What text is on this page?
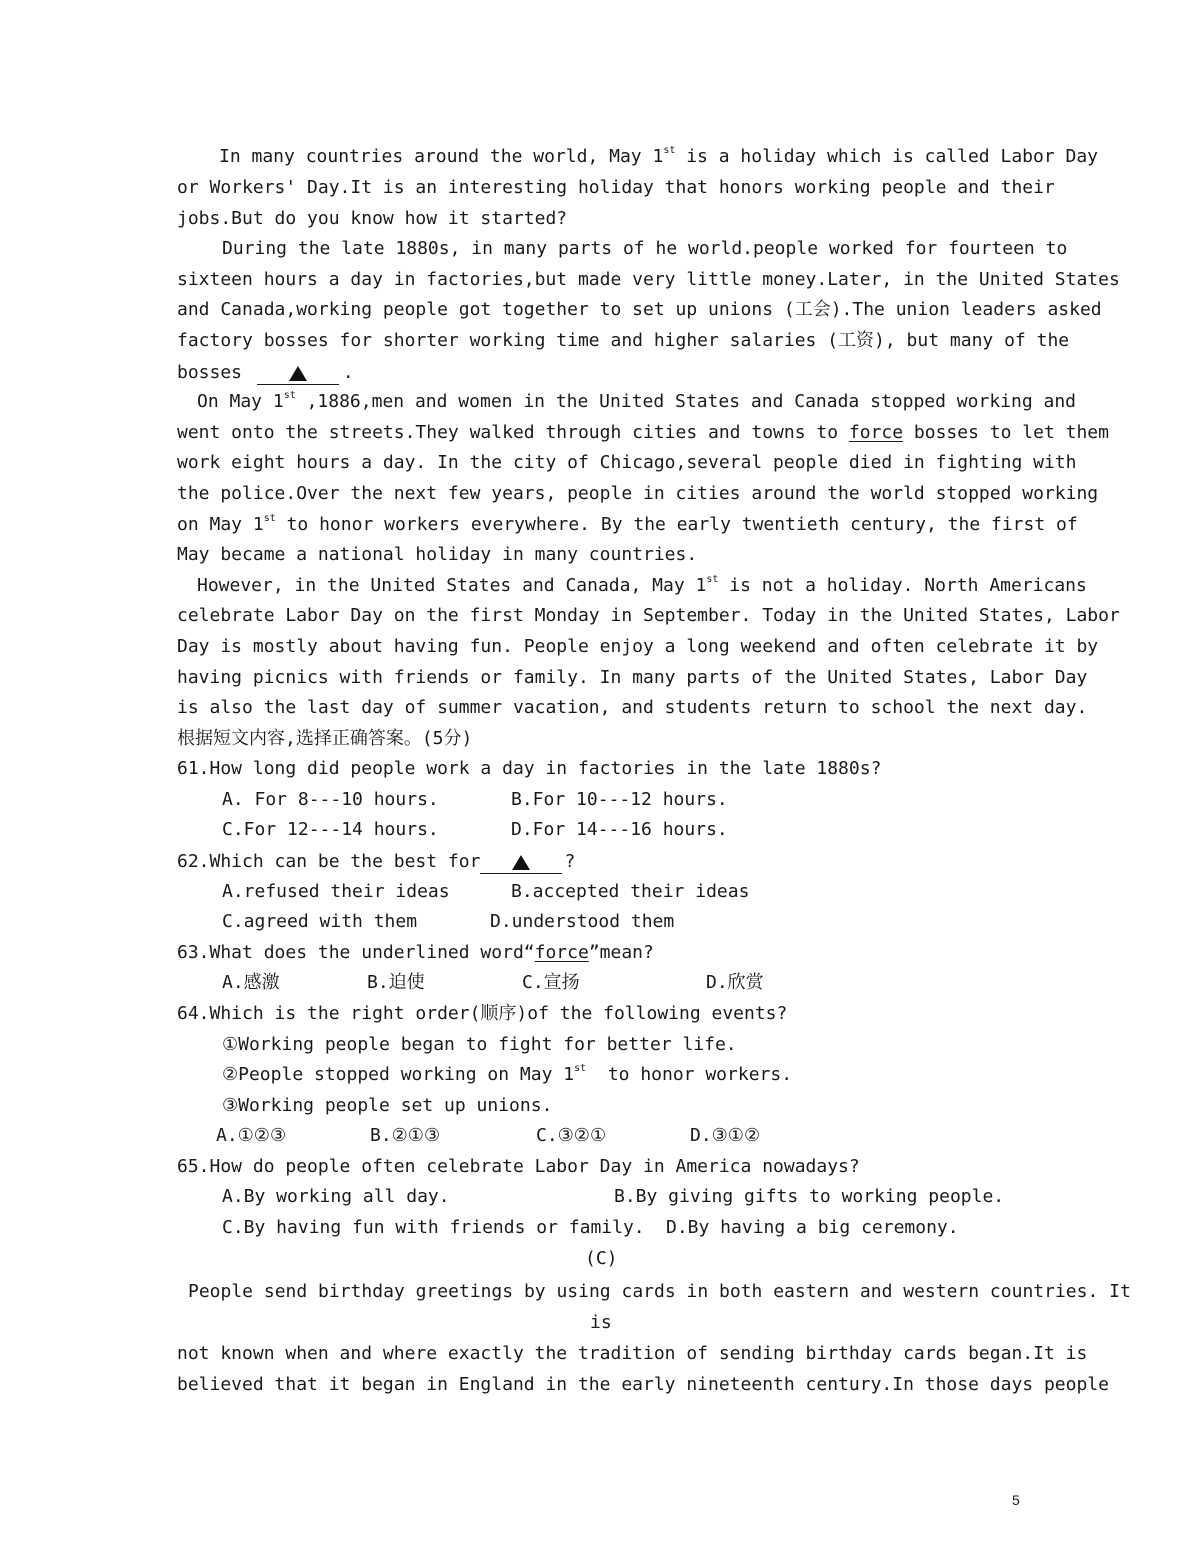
In many countries around the world, May 1st is a holiday which is called Labor Day
or Workers' Day.It is an interesting holiday that honors working people and their
jobs.But do you know how it started?
During the late 1880s, in many parts of he world.people worked for fourteen to
sixteen hours a day in factories,but made very little money.Later, in the United States
and Canada,working people got together to set up unions (工会).The union leaders asked
factory bosses for shorter working time and higher salaries (工资), but many of the
bosses	.
On May 1st ,1886,men and women in the United States and Canada stopped working and
went onto the streets.They walked through cities and towns to force bosses to let them
work eight hours a day. In the city of Chicago,several people died in fighting with
the police.Over the next few years, people in cities around the world stopped working
on May 1st to honor workers everywhere. By the early twentieth century, the first of
May became a national holiday in many countries.
However, in the United States and Canada, May 1st is not a holiday. North Americans
celebrate Labor Day on the first Monday in September. Today in the United States, Labor
Day is mostly about having fun. People enjoy a long weekend and often celebrate it by
having picnics with friends or family. In many parts of the United States, Labor Day
is also the last day of summer vacation, and students return to school the next day.
根据短文内容,选择正确答案。(5分)
61.How long did people work a day in factories in the late 1880s?
A. For 8---10 hours.	B.For 10---12 hours.
C.For 12---14 hours.	D.For 14---16 hours.
62.Which can be the best for	?
A.refused their ideas	B.accepted their ideas
C.agreed with them	D.understood them
63.What does the underlined word“force”mean?
A.感激	B.迫使	C.宣扬	D.欣赏
64.Which is the right order(顺序)of the following events?
①Working people began to fight for better life.
②People stopped working on May 1st  to honor workers.
③Working people set up unions.
A.①②③	B.②①③	C.③②①	D.③①②
65.How do people often celebrate Labor Day in America nowadays?
A.By working all day.	B.By giving gifts to working people.
C.By having fun with friends or family. D.By having a big ceremony.
(C)
People send birthday greetings by using cards in both eastern and western countries. It
is
not known when and where exactly the tradition of sending birthday cards began.It is
believed that it began in England in the early nineteenth century.In those days people
5
